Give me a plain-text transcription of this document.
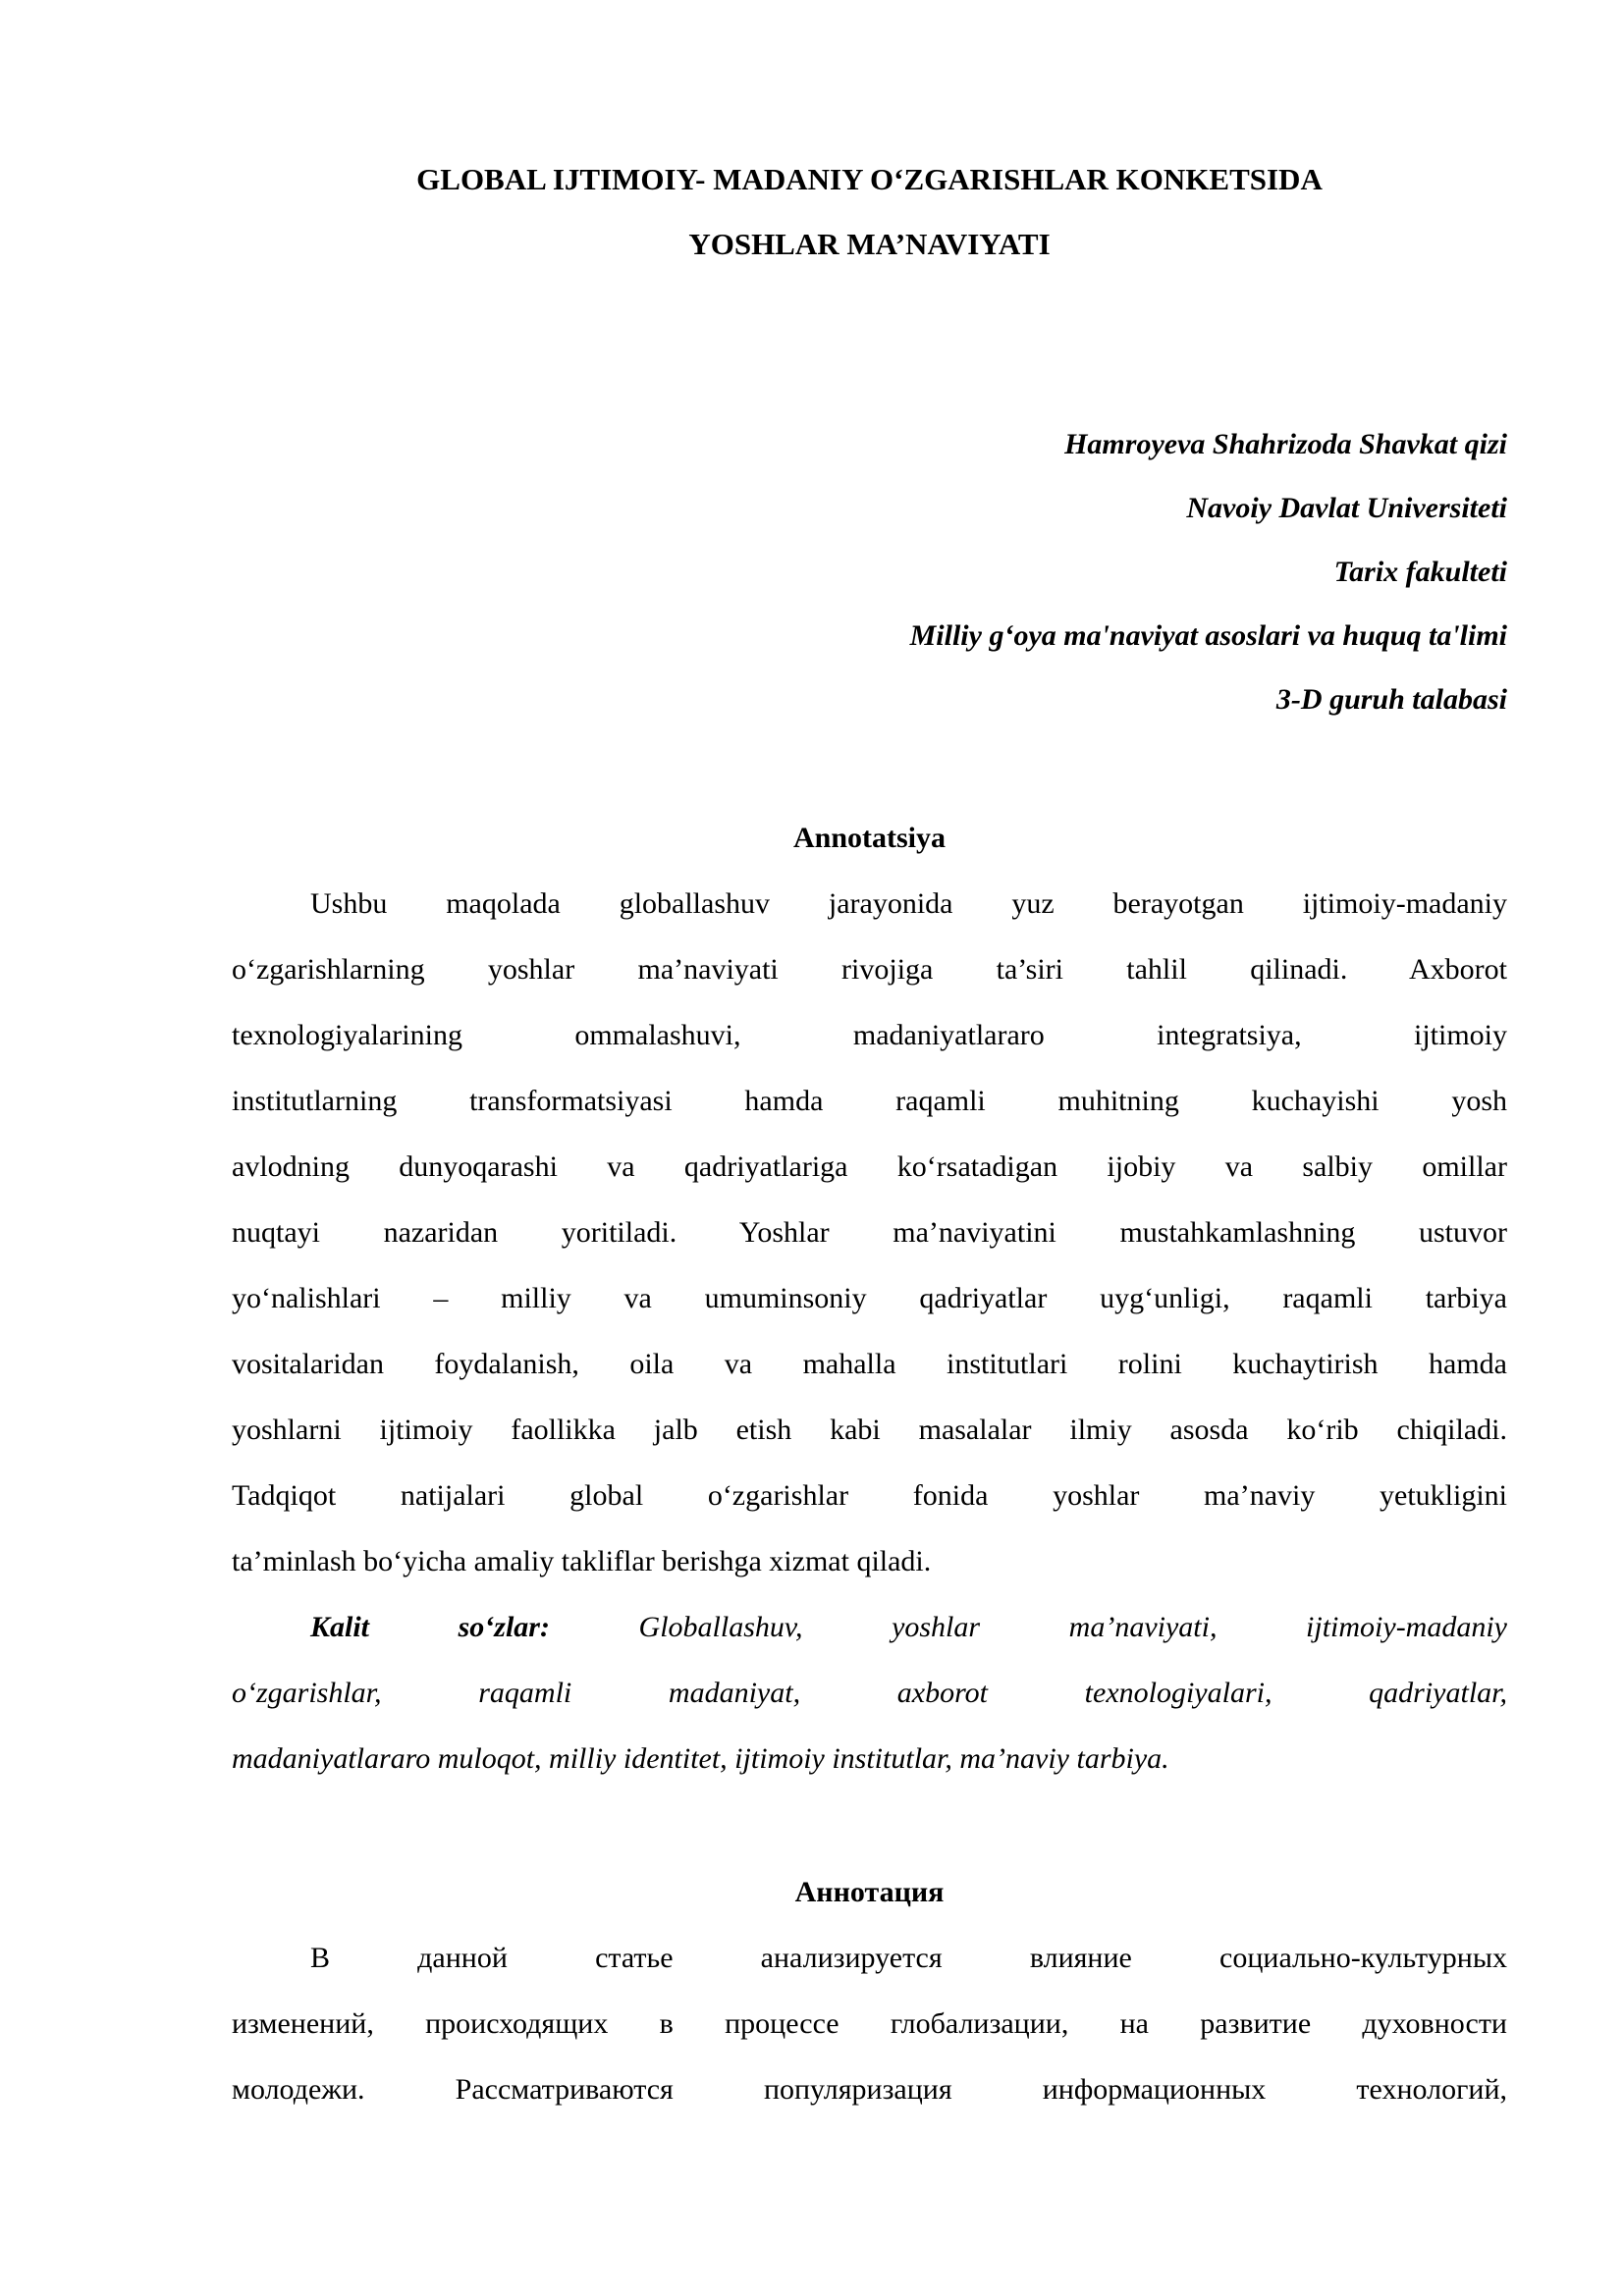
GLOBAL IJTIMOIY- MADANIY O‘ZGARISHLAR KONKETSIDA
YOSHLAR MA’NAVIYATI
Hamroyeva Shahrizoda Shavkat qizi
Navoiy Davlat Universiteti
Tarix fakulteti
Milliy g‘oya ma'naviyat asoslari va huquq ta'limi
3-D guruh talabasi
Annotatsiya
Ushbu maqolada globallashuv jarayonida yuz berayotgan ijtimoiy-madaniy
o‘zgarishlarning yoshlar ma’naviyati rivojiga ta’siri tahlil qilinadi. Axborot
texnologiyalarining ommalashuvi, madaniyatlararo integratsiya, ijtimoiy
institutlarning transformatsiyasi hamda raqamli muhitning kuchayishi yosh
avlodning dunyoqarashi va qadriyatlariga ko‘rsatadigan ijobiy va salbiy omillar
nuqtayi nazaridan yoritiladi. Yoshlar ma’naviyatini mustahkamlashning ustuvor
yo‘nalishlari – milliy va umuminsoniy qadriyatlar uyg‘unligi, raqamli tarbiya
vositalaridan foydalanish, oila va mahalla institutlari rolini kuchaytirish hamda
yoshlarni ijtimoiy faollikka jalb etish kabi masalalar ilmiy asosda ko‘rib chiqiladi.
Tadqiqot natijalari global o‘zgarishlar fonida yoshlar ma’naviy yetukligini
ta’minlash bo‘yicha amaliy takliflar berishga xizmat qiladi.
Kalit so‘zlar: Globallashuv, yoshlar ma’naviyati, ijtimoiy-madaniy
o‘zgarishlar, raqamli madaniyat, axborot texnologiyalari, qadriyatlar,
madaniyatlararo muloqot, milliy identitet, ijtimoiy institutlar, ma’naviy tarbiya.
Аннотация
В данной статье анализируется влияние социально-культурных
изменений, происходящих в процессе глобализации, на развитие духовности
молодежи. Рассматриваются популяризация информационных технологий,
